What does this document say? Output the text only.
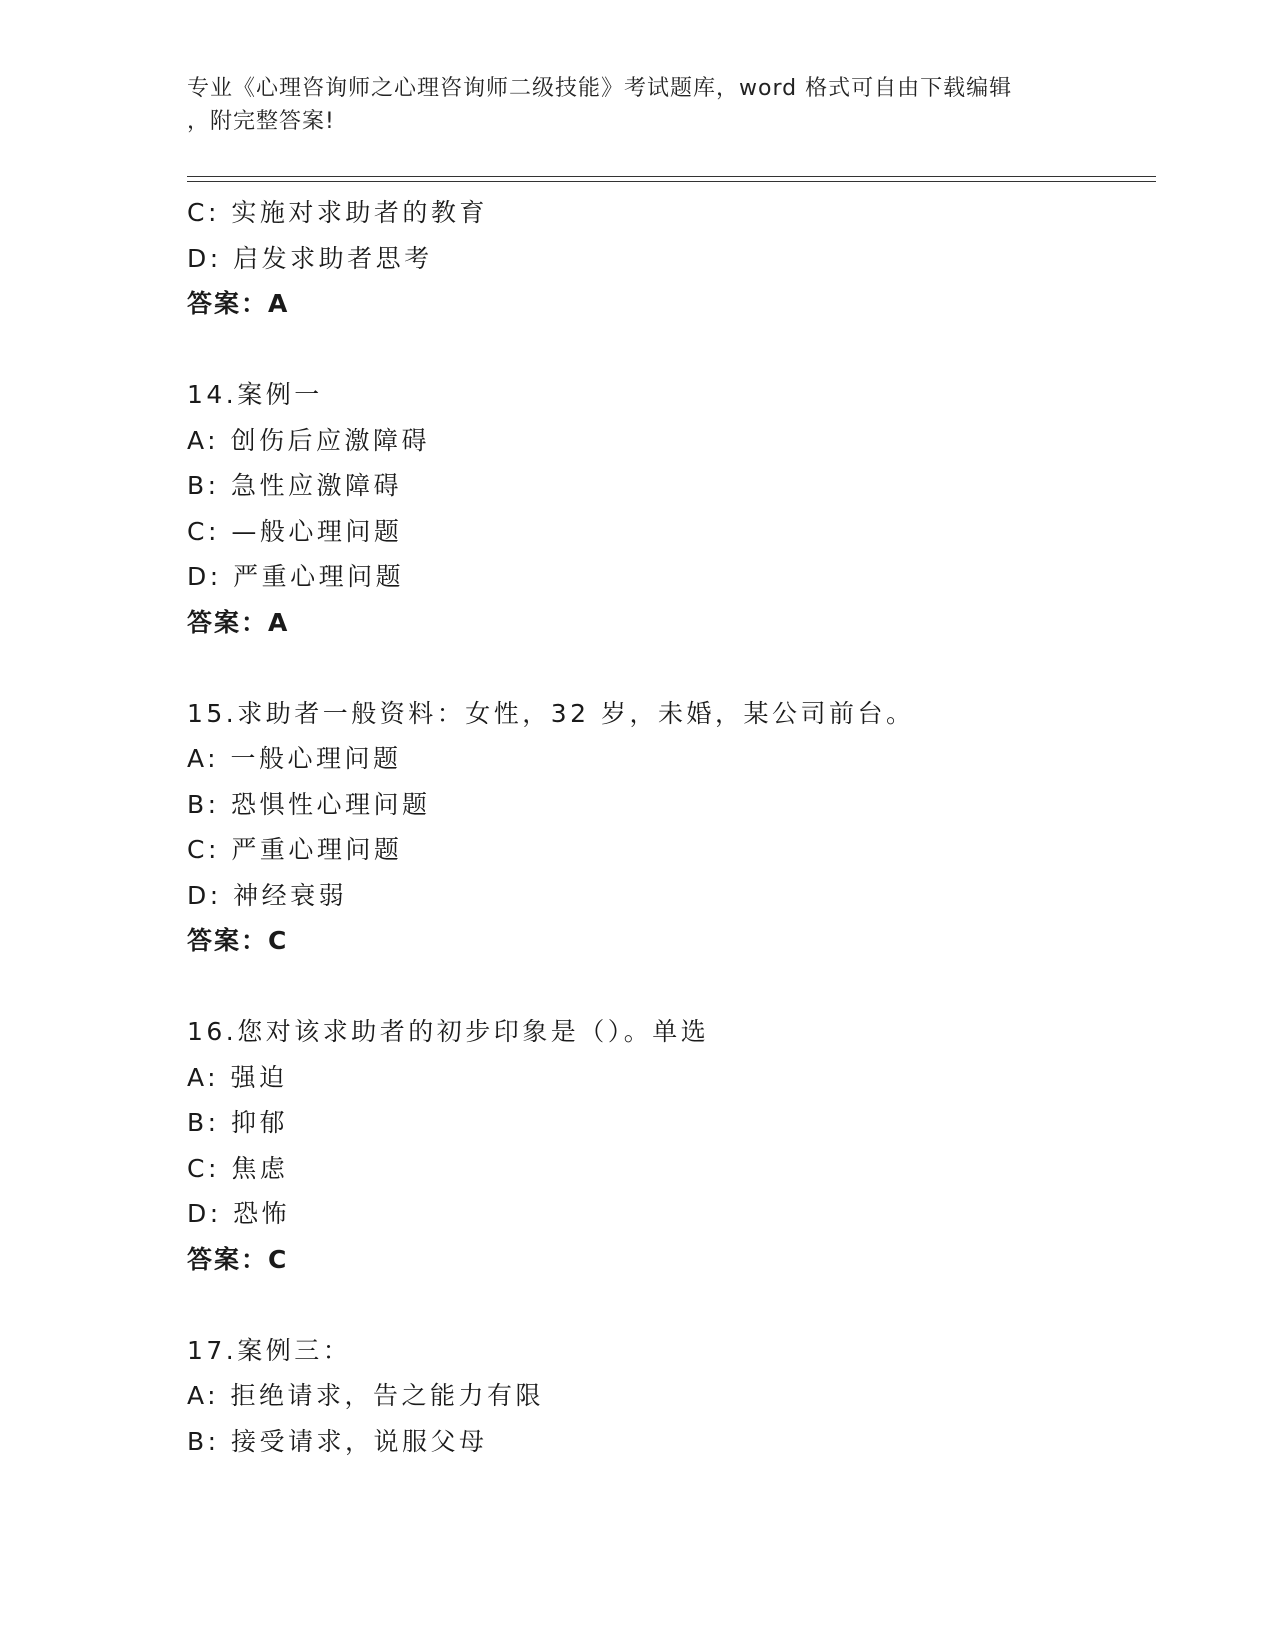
专业《心理咨询师之心理咨询师二级技能》考试题库，word 格式可自由下载编辑
，附完整答案!
C: 实施对求助者的教育
D: 启发求助者思考
答案：A
14.案例一
A: 创伤后应激障碍
B: 急性应激障碍
C: —般心理问题
D: 严重心理问题
答案：A
15.求助者一般资料：女性，32 岁，未婚，某公司前台。
A: 一般心理问题
B: 恐惧性心理问题
C: 严重心理问题
D: 神经衰弱
答案：C
16.您对该求助者的初步印象是（）。单选
A: 强迫
B: 抑郁
C: 焦虑
D: 恐怖
答案：C
17.案例三：
A: 拒绝请求，告之能力有限
B: 接受请求，说服父母
